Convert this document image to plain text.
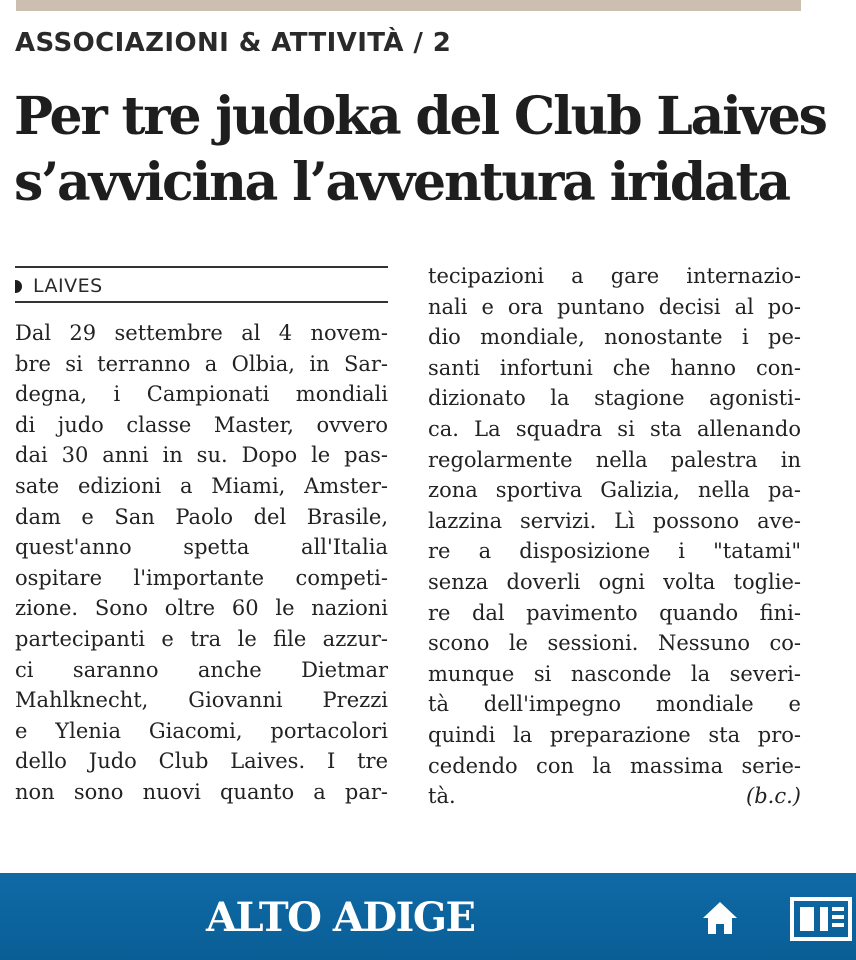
ASSOCIAZIONI & ATTIVITÀ / 2
Per tre judoka del Club Laives
s’avvicina l’avventura iridata
LAIVES
Dal 29 settembre al 4 novem-
bre si terranno a Olbia, in Sar-
degna, i Campionati mondiali
di judo classe Master, ovvero
dai 30 anni in su. Dopo le pas-
sate edizioni a Miami, Amster-
dam e San Paolo del Brasile,
quest'anno spetta all'Italia
ospitare l'importante competi-
zione. Sono oltre 60 le nazioni
partecipanti e tra le file azzur-
ci saranno anche Dietmar
Mahlknecht, Giovanni Prezzi
e Ylenia Giacomi, portacolori
dello Judo Club Laives. I tre
non sono nuovi quanto a par-
tecipazioni a gare internazio-
nali e ora puntano decisi al po-
dio mondiale, nonostante i pe-
santi infortuni che hanno con-
dizionato la stagione agonisti-
ca. La squadra si sta allenando
regolarmente nella palestra in
zona sportiva Galizia, nella pa-
lazzina servizi. Lì possono ave-
re a disposizione i "tatami"
senza doverli ogni volta toglie-
re dal pavimento quando fini-
scono le sessioni. Nessuno co-
munque si nasconde la severi-
tà dell'impegno mondiale e
quindi la preparazione sta pro-
cedendo con la massima serie-
tà.	(b.c.)
ALTO ADIGE
